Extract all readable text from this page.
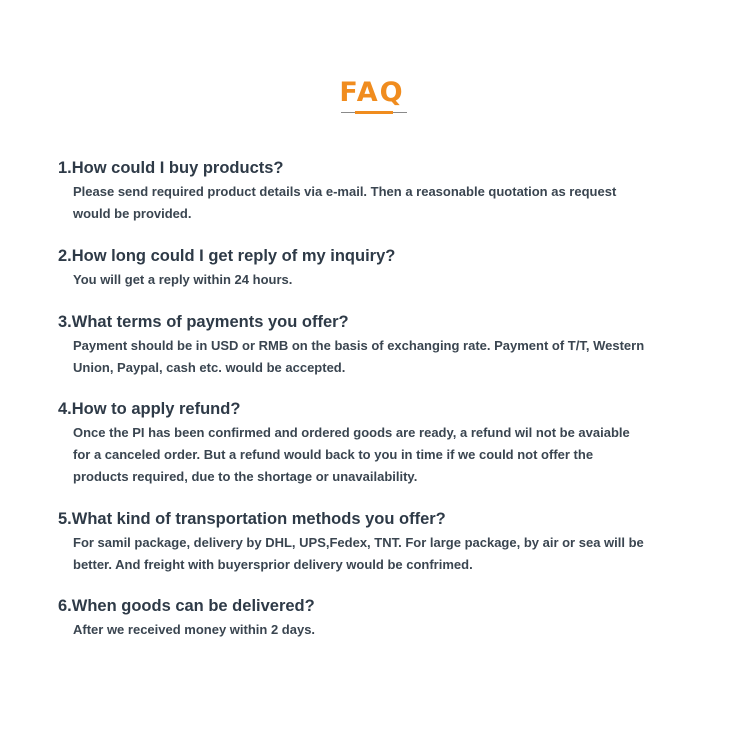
FAQ
1.How could I buy products?
Please send required product details via e-mail. Then a reasonable quotation as request
would be provided.
2.How long could I get reply of my inquiry?
You will get a reply within 24 hours.
3.What terms of payments you offer?
Payment should be in USD or RMB on the basis of exchanging rate. Payment of T/T, Western
Union, Paypal, cash etc. would be accepted.
4.How to apply refund?
Once the PI has been confirmed and ordered goods are ready, a refund wil not be avaiable
for a canceled order. But a refund would back to you in time if we could not offer the
products required, due to the shortage or unavailability.
5.What kind of transportation methods you offer?
For samil package, delivery by DHL, UPS,Fedex, TNT. For large package, by air or sea will be
better. And freight with buyersprior delivery would be confrimed.
6.When goods can be delivered?
After we received money within 2 days.
